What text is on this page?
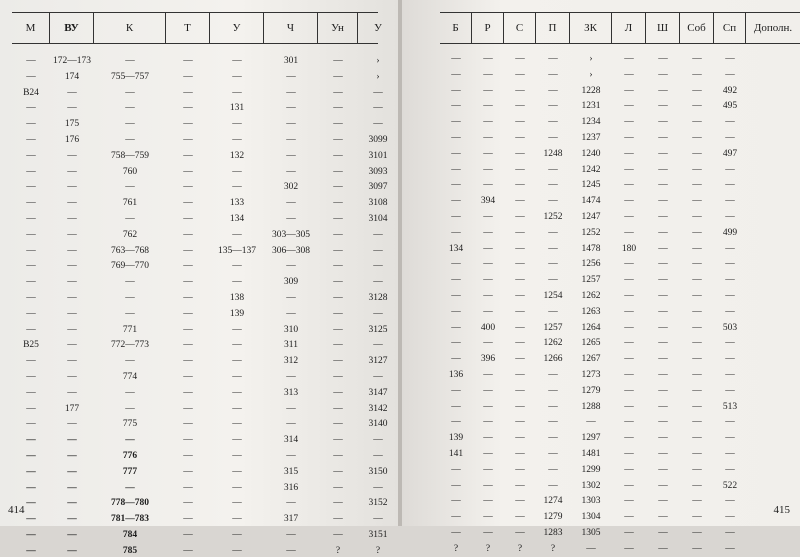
М	ВУ	К	Т	У	Ч	Ун	У
—	172—173	—	—	—	301	—	›
—	174	755—757	—	—	—	—	›
В24	—	—	—	—	—	—	—
—	—	—	—	131	—	—	—
—	175	—	—	—	—	—	—
—	176	—	—	—	—	—	3099
—	—	758—759	—	132	—	—	3101
—	—	760	—	—	—	—	3093
—	—	—	—	—	302	—	3097
—	—	761	—	133	—	—	3108
—	—	—	—	134	—	—	3104
—	—	762	—	—	303—305	—	—
—	—	763—768	—	135—137	306—308	—	—
—	—	769—770	—	—	—	—	—
—	—	—	—	—	309	—	—
—	—	—	—	138	—	—	3128
—	—	—	—	139	—	—	—
—	—	771	—	—	310	—	3125
В25	—	772—773	—	—	311	—	—
—	—	—	—	—	312	—	3127
—	—	774	—	—	—	—	—
—	—	—	—	—	313	—	3147
—	177	—	—	—	—	—	3142
—	—	775	—	—	—	—	3140
—	—	—	—	—	314	—	—
—	—	776	—	—	—	—	—
—	—	777	—	—	315	—	3150
—	—	—	—	—	316	—	—
—	—	778—780	—	—	—	—	3152
—	—	781—783	—	—	317	—	—
—	—	784	—	—	—	—	3151
—	—	785	—	—	—	?	?
414
Б	Р	С	П	ЗК	Л	Ш	Соб	Сп	Дополн.
—	—	—	—	›	—	—	—	—
—	—	—	—	›	—	—	—	—
—	—	—	—	1228	—	—	—	492
—	—	—	—	1231	—	—	—	495
—	—	—	—	1234	—	—	—	—
—	—	—	—	1237	—	—	—	—
—	—	—	1248	1240	—	—	—	497
—	—	—	—	1242	—	—	—	—
—	—	—	—	1245	—	—	—	—
—	394	—	—	1474	—	—	—	—
—	—	—	1252	1247	—	—	—	—
—	—	—	—	1252	—	—	—	499
134	—	—	—	1478	180	—	—	—
—	—	—	—	1256	—	—	—	—
—	—	—	—	1257	—	—	—	—
—	—	—	1254	1262	—	—	—	—
—	—	—	—	1263	—	—	—	—
—	400	—	1257	1264	—	—	—	503
—	—	—	1262	1265	—	—	—	—
—	396	—	1266	1267	—	—	—	—
136	—	—	—	1273	—	—	—	—
—	—	—	—	1279	—	—	—	—
—	—	—	—	1288	—	—	—	513
—	—	—	—	—	—	—	—	—
139	—	—	—	1297	—	—	—	—
141	—	—	—	1481	—	—	—	—
—	—	—	—	1299	—	—	—	—
—	—	—	—	1302	—	—	—	522
—	—	—	1274	1303	—	—	—	—
—	—	—	1279	1304	—	—	—	—
—	—	—	1283	1305	—	—	—	—
?	?	?	?	—	—	—	—	—
415
